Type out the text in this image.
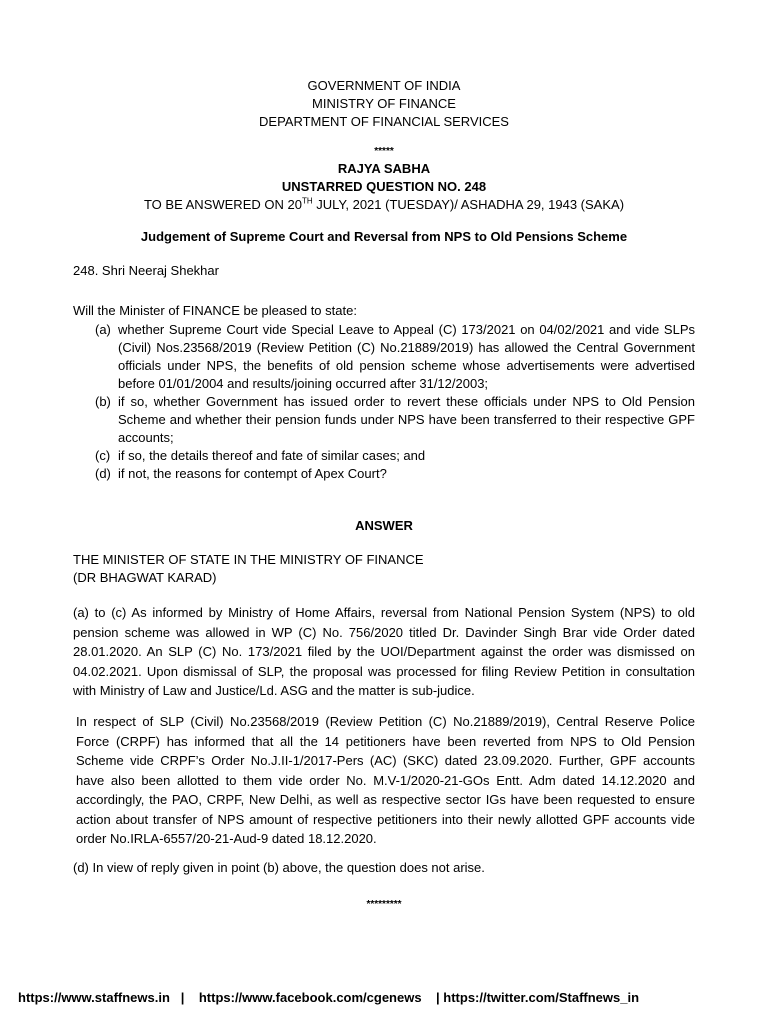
GOVERNMENT OF INDIA
MINISTRY OF FINANCE
DEPARTMENT OF FINANCIAL SERVICES
*****
RAJYA SABHA
UNSTARRED QUESTION NO. 248
TO BE ANSWERED ON 20TH JULY, 2021 (TUESDAY)/ ASHADHA 29, 1943 (SAKA)
Judgement of Supreme Court and Reversal from NPS to Old Pensions Scheme
248. Shri Neeraj Shekhar
Will the Minister of FINANCE be pleased to state:
(a) whether Supreme Court vide Special Leave to Appeal (C) 173/2021 on 04/02/2021 and vide SLPs (Civil) Nos.23568/2019 (Review Petition (C) No.21889/2019) has allowed the Central Government officials under NPS, the benefits of old pension scheme whose advertisements were advertised before 01/01/2004 and results/joining occurred after 31/12/2003;
(b) if so, whether Government has issued order to revert these officials under NPS to Old Pension Scheme and whether their pension funds under NPS have been transferred to their respective GPF accounts;
(c) if so, the details thereof and fate of similar cases; and
(d) if not, the reasons for contempt of Apex Court?
ANSWER
THE MINISTER OF STATE IN THE MINISTRY OF FINANCE
(DR BHAGWAT KARAD)
(a) to (c) As informed by Ministry of Home Affairs, reversal from National Pension System (NPS) to old pension scheme was allowed in WP (C) No. 756/2020 titled Dr. Davinder Singh Brar vide Order dated 28.01.2020. An SLP (C) No. 173/2021 filed by the UOI/Department against the order was dismissed on 04.02.2021. Upon dismissal of SLP, the proposal was processed for filing Review Petition in consultation with Ministry of Law and Justice/Ld. ASG and the matter is sub-judice.
In respect of SLP (Civil) No.23568/2019 (Review Petition (C) No.21889/2019), Central Reserve Police Force (CRPF) has informed that all the 14 petitioners have been reverted from NPS to Old Pension Scheme vide CRPF’s Order No.J.II-1/2017-Pers (AC) (SKC) dated 23.09.2020. Further, GPF accounts have also been allotted to them vide order No. M.V-1/2020-21-GOs Entt. Adm dated 14.12.2020 and accordingly, the PAO, CRPF, New Delhi, as well as respective sector IGs have been requested to ensure action about transfer of NPS amount of respective petitioners into their newly allotted GPF accounts vide order No.IRLA-6557/20-21-Aud-9 dated 18.12.2020.
(d) In view of reply given in point (b) above, the question does not arise.
*********
https://www.staffnews.in   |    https://www.facebook.com/cgenews    | https://twitter.com/Staffnews_in
